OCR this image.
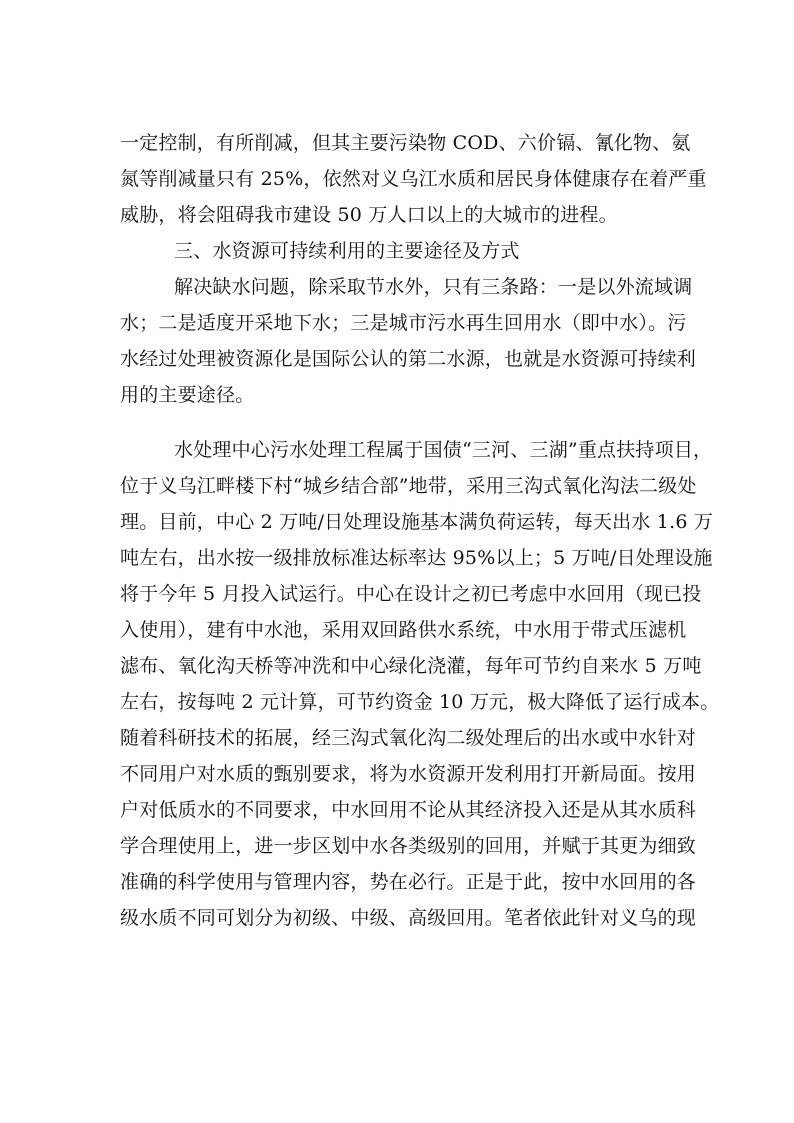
一定控制，有所削减，但其主要污染物 COD、六价镉、氰化物、氨
氮等削减量只有 25%，依然对义乌江水质和居民身体健康存在着严重
威胁，将会阻碍我市建设 50 万人口以上的大城市的进程。
三、水资源可持续利用的主要途径及方式
解决缺水问题，除采取节水外，只有三条路：一是以外流域调
水；二是适度开采地下水；三是城市污水再生回用水（即中水）。污
水经过处理被资源化是国际公认的第二水源，也就是水资源可持续利
用的主要途径。
水处理中心污水处理工程属于国债“三河、三湖”重点扶持项目，
位于义乌江畔楼下村“城乡结合部”地带，采用三沟式氧化沟法二级处
理。目前，中心 2 万吨/日处理设施基本满负荷运转，每天出水 1.6 万
吨左右，出水按一级排放标准达标率达 95%以上；5 万吨/日处理设施
将于今年 5 月投入试运行。中心在设计之初已考虑中水回用（现已投
入使用），建有中水池，采用双回路供水系统，中水用于带式压滤机
滤布、氧化沟天桥等冲洗和中心绿化浇灌，每年可节约自来水 5 万吨
左右，按每吨 2 元计算，可节约资金 10 万元，极大降低了运行成本。
随着科研技术的拓展，经三沟式氧化沟二级处理后的出水或中水针对
不同用户对水质的甄别要求，将为水资源开发利用打开新局面。按用
户对低质水的不同要求，中水回用不论从其经济投入还是从其水质科
学合理使用上，进一步区划中水各类级别的回用，并赋于其更为细致
准确的科学使用与管理内容，势在必行。正是于此，按中水回用的各
级水质不同可划分为初级、中级、高级回用。笔者依此针对义乌的现
